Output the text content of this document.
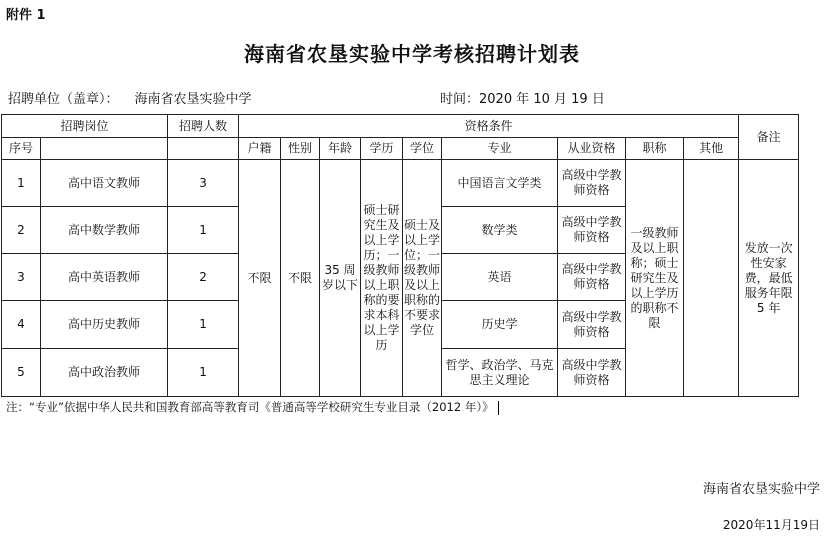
附件 1
海南省农垦实验中学考核招聘计划表
招聘单位（盖章）： 海南省农垦实验中学	时间：2020 年 10 月 19 日
招聘岗位		招聘人数	资格条件									备注
序号			户籍	性别	年龄	学历	学位	专业	从业资格	职称	其他	
1	高中语文教师	3	不限	不限	35 周岁以下	硕士研究生及以上学历；一级教师以上职称的要求本科以上学历	硕士及以上学位；一级教师及以上职称的不要求学位	中国语言文学类	高级中学教师资格	一级教师及以上职称；硕士研究生及以上学历的职称不限		发放一次性安家费，最低服务年限 5 年
2	高中数学教师	1						数学类	高级中学教师资格			
3	高中英语教师	2						英语	高级中学教师资格			
4	高中历史教师	1						历史学	高级中学教师资格			
5	高中政治教师	1						哲学、政治学、马克思主义理论	高级中学教师资格			
注：“专业”依据中华人民共和国教育部高等教育司《普通高等学校研究生专业目录（2012 年）》
海南省农垦实验中学
2020年11月19日
